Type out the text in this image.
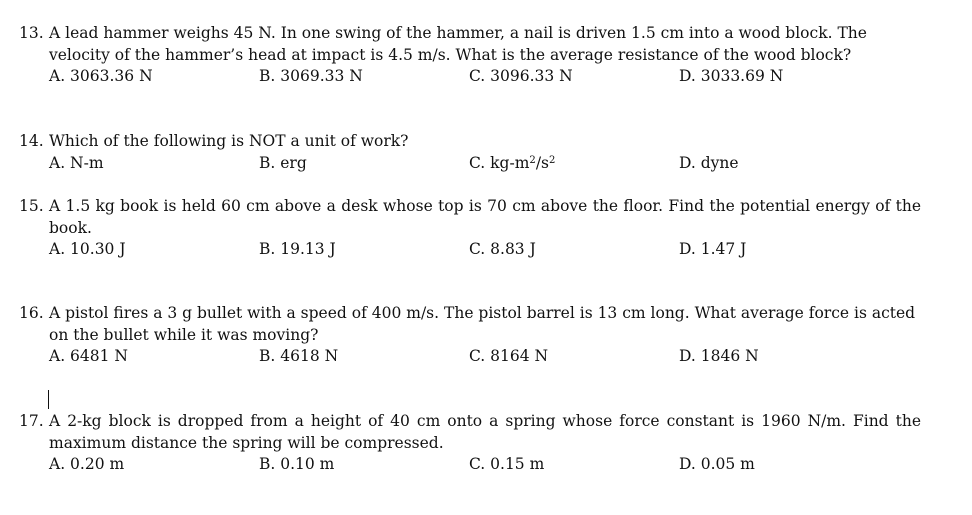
13. A lead hammer weighs 45 N. In one swing of the hammer, a nail is driven 1.5 cm into a wood block. The velocity of the hammer’s head at impact is 4.5 m/s. What is the average resistance of the wood block?
A. 3063.36 N	B. 3069.33 N	C. 3096.33 N	D. 3033.69 N
14. Which of the following is NOT a unit of work?
A. N-m	B. erg	C. $kg-m^2/s^2$	D. dyne
15. A 1.5 kg book is held 60 cm above a desk whose top is 70 cm above the floor. Find the potential energy of the book.
A. 10.30 J	B. 19.13 J	C. 8.83 J	D. 1.47 J
16. A pistol fires a 3 g bullet with a speed of 400 m/s. The pistol barrel is 13 cm long. What average force is acted on the bullet while it was moving?
A. 6481 N	B. 4618 N	C. 8164 N	D. 1846 N
17. A 2-kg block is dropped from a height of 40 cm onto a spring whose force constant is 1960 N/m. Find the maximum distance the spring will be compressed.
A. 0.20 m	B. 0.10 m	C. 0.15 m	D. 0.05 m
